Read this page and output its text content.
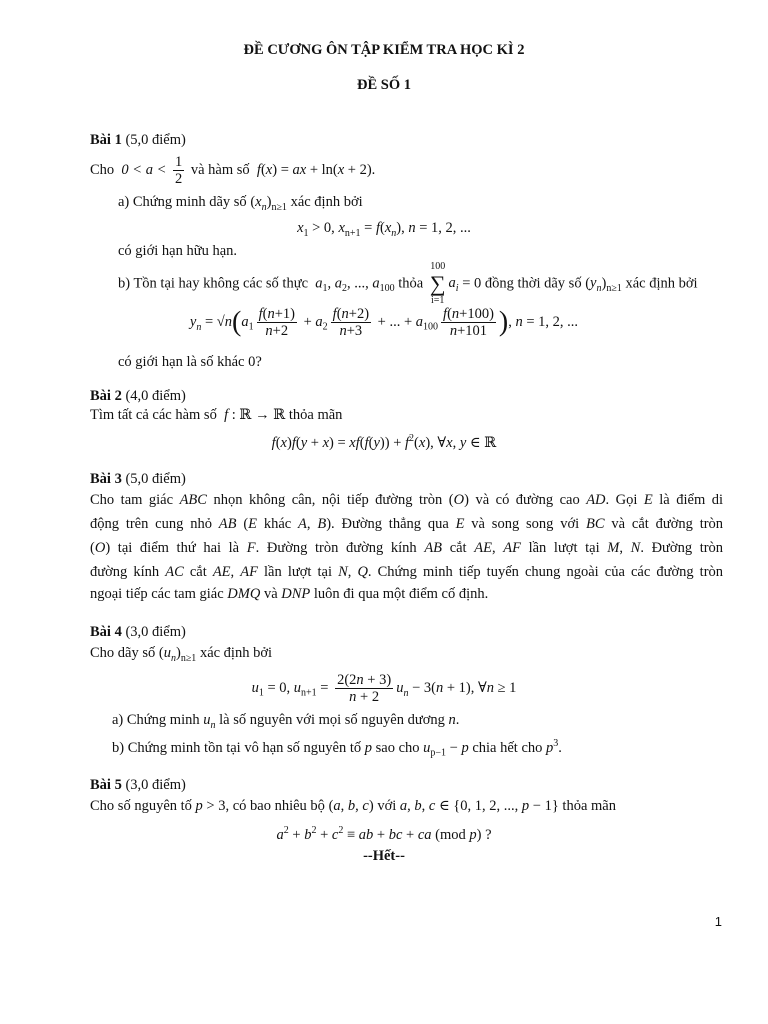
ĐỀ CƯƠNG ÔN TẬP KIỂM TRA HỌC KÌ 2
ĐỀ SỐ 1
Bài 1 (5,0 điểm)
Cho  $0 < a < \frac{1}{2}$ và hàm số  f(x) = ax + ln(x + 2).
a) Chứng minh dãy số $(x_n)_{n\ge 1}$ xác định bởi
$x_1 > 0$, $x_{n+1} = f(x_n)$, n = 1, 2, ...
có giới hạn hữu hạn.
b) Tồn tại hay không các số thực  $a_1$, $a_2$, ..., $a_{100}$ thỏa
100
∑
i=1
$a_i = 0$ đồng thời dãy số $(y_n)_{n\ge 1}$ xác định bởi
$y_n = √n(a_1 \frac{f(n+1)}{n+2} + a_2 \frac{f(n+2)}{n+3}$ + ... + $a_{100} \frac{f(n+100)}{n+101}$ ), n = 1, 2, ...
có giới hạn là số khác 0?
Bài 2 (4,0 điểm)
Tìm tất cả các hàm số  f : ℝ → ℝ thỏa mãn
$f(x)f(y + x) = xf(f(y)) + f^2(x)$, ∀x, y ∈ ℝ
Bài 3 (5,0 điểm)
Cho tam giác ABC nhọn không cân, nội tiếp đường tròn (O) và có đường cao AD. Gọi E là điểm di
động trên cung nhỏ AB (E khác A, B). Đường thẳng qua E và song song với BC và cắt đường tròn
(O) tại điểm thứ hai là F. Đường tròn đường kính AB cắt AE, AF lần lượt tại M, N. Đường tròn
đường kính AC cắt AE, AF lần lượt tại N, Q. Chứng minh tiếp tuyến chung ngoài của các đường tròn
ngoại tiếp các tam giác DMQ và DNP luôn đi qua một điểm cố định.
Bài 4 (3,0 điểm)
Cho dãy số $(u_n)_{n\ge 1}$ xác định bởi
$u_1 = 0$, $u_{n+1} = \frac{2(2n + 3)}{n + 2} u_n - 3(n + 1)$, ∀n ≥ 1
a) Chứng minh $u_n$ là số nguyên với mọi số nguyên dương n.
b) Chứng minh tồn tại vô hạn số nguyên tố p sao cho $u_{p-1} - p$ chia hết cho $p^3$.
Bài 5 (3,0 điểm)
Cho số nguyên tố p > 3, có bao nhiêu bộ (a, b, c) với a, b, c ∈ {0, 1, 2, ..., p − 1} thỏa mãn
$a^2 + b^2 + c^2$ ≡ ab + bc + ca (mod p) ?
--Hết--
1
